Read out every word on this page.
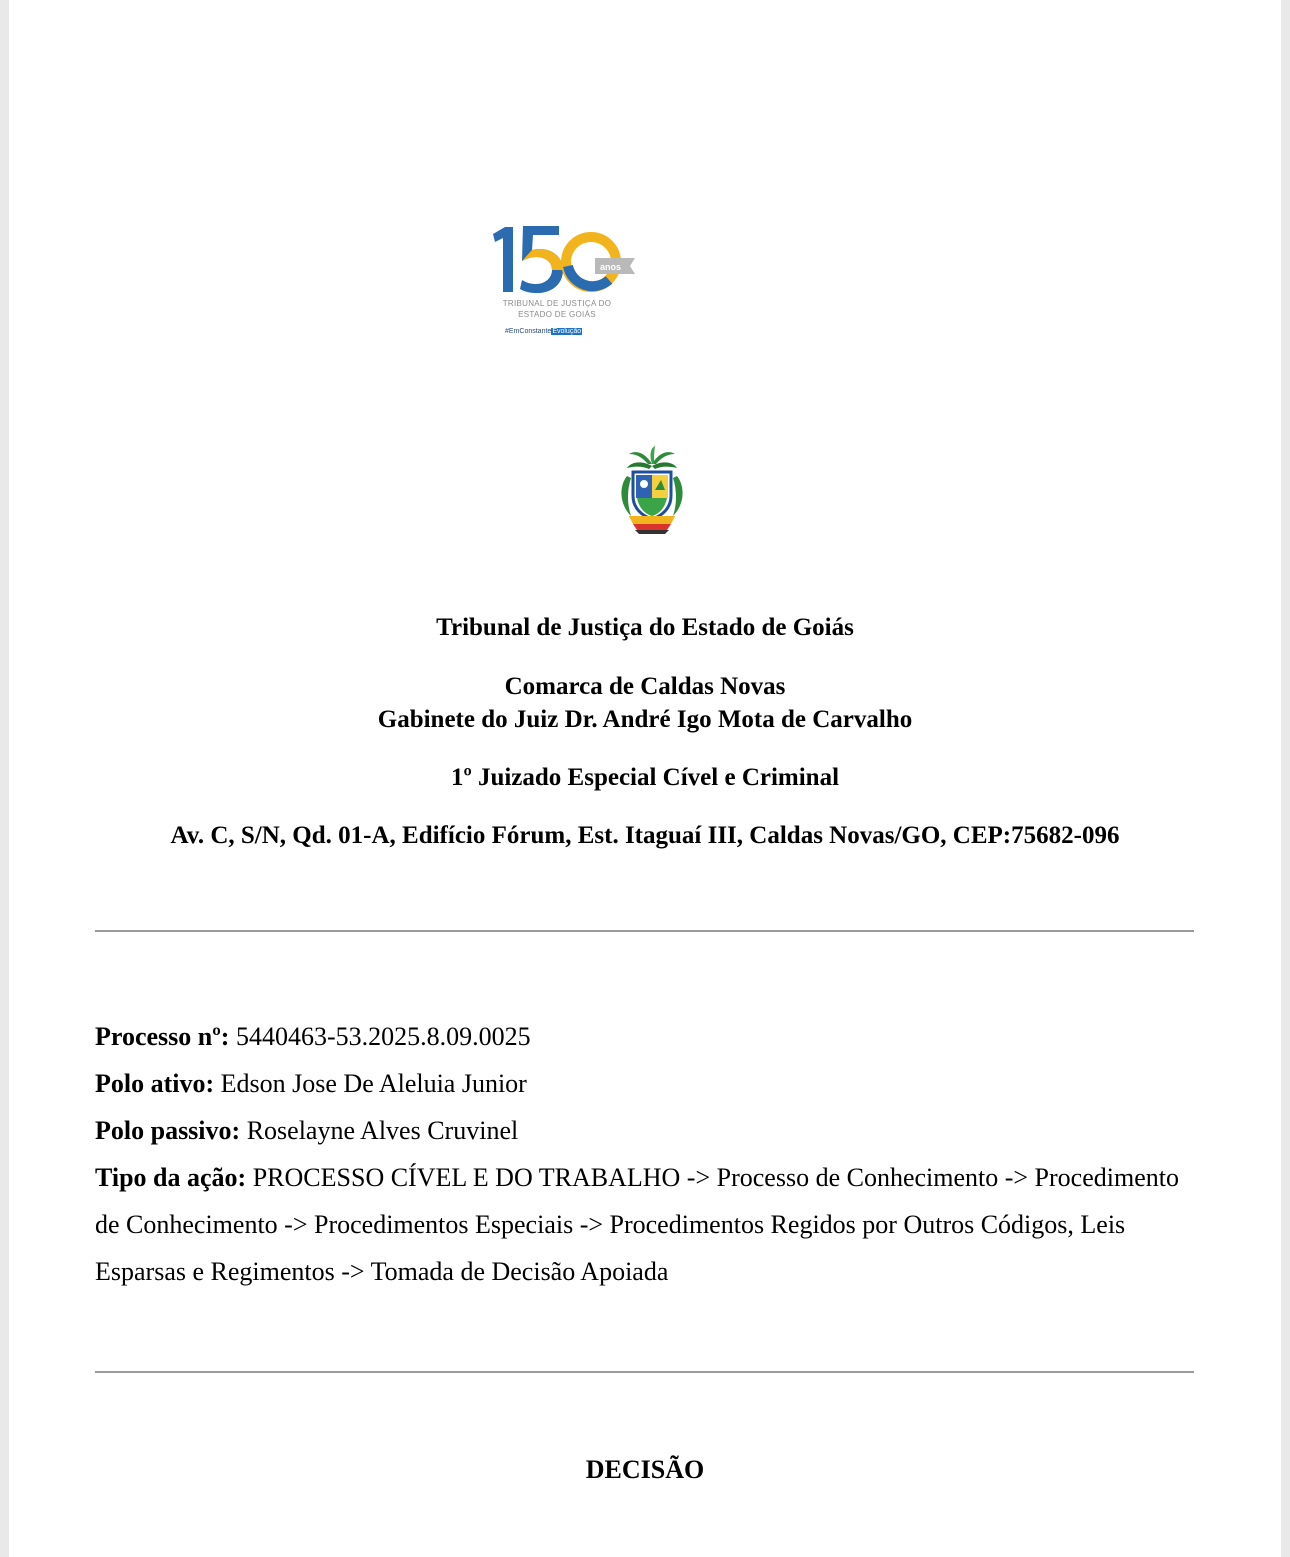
anos
TRIBUNAL DE JUSTIÇA DO
ESTADO DE GOIÁS
#EmConstanteEvolução
Tribunal de Justiça do Estado de Goiás
Comarca de Caldas Novas
Gabinete do Juiz Dr. André Igo Mota de Carvalho
1º Juizado Especial Cível e Criminal
Av. C, S/N, Qd. 01-A, Edifício Fórum, Est. Itaguaí III, Caldas Novas/GO, CEP:75682-096

Processo nº: 5440463-53.2025.8.09.0025

Polo ativo: Edson Jose De Aleluia Junior

Polo passivo: Roselayne Alves Cruvinel

Tipo da ação: PROCESSO CÍVEL E DO TRABALHO -> Processo de Conhecimento -> Procedimento de Conhecimento -> Procedimentos Especiais -> Procedimentos Regidos por Outros Códigos, Leis Esparsas e Regimentos -> Tomada de Decisão Apoiada

DECISÃO
